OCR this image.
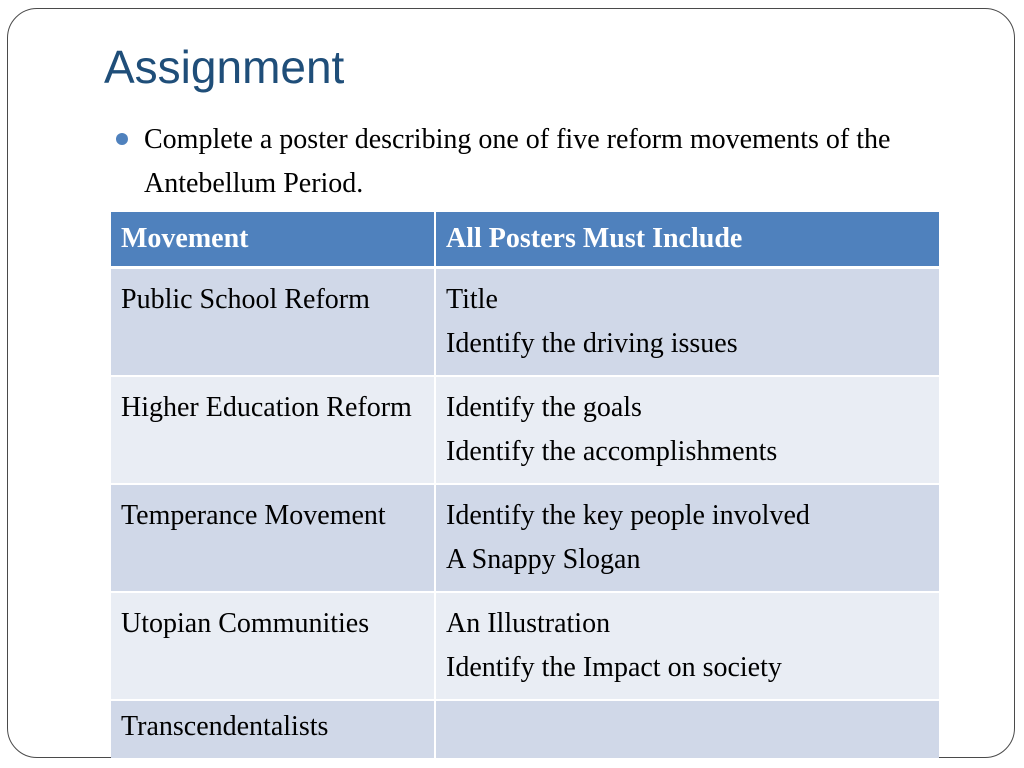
Assignment
Complete a poster describing one of five reform movements of the Antebellum Period.
Movement	All Posters Must Include
Public School Reform	Title
Identify the driving issues

Higher Education Reform	Identify the goals
Identify the accomplishments

Temperance Movement	Identify the key people involved
A Snappy Slogan

Utopian Communities	An Illustration
Identify the Impact on society

Transcendentalists	
